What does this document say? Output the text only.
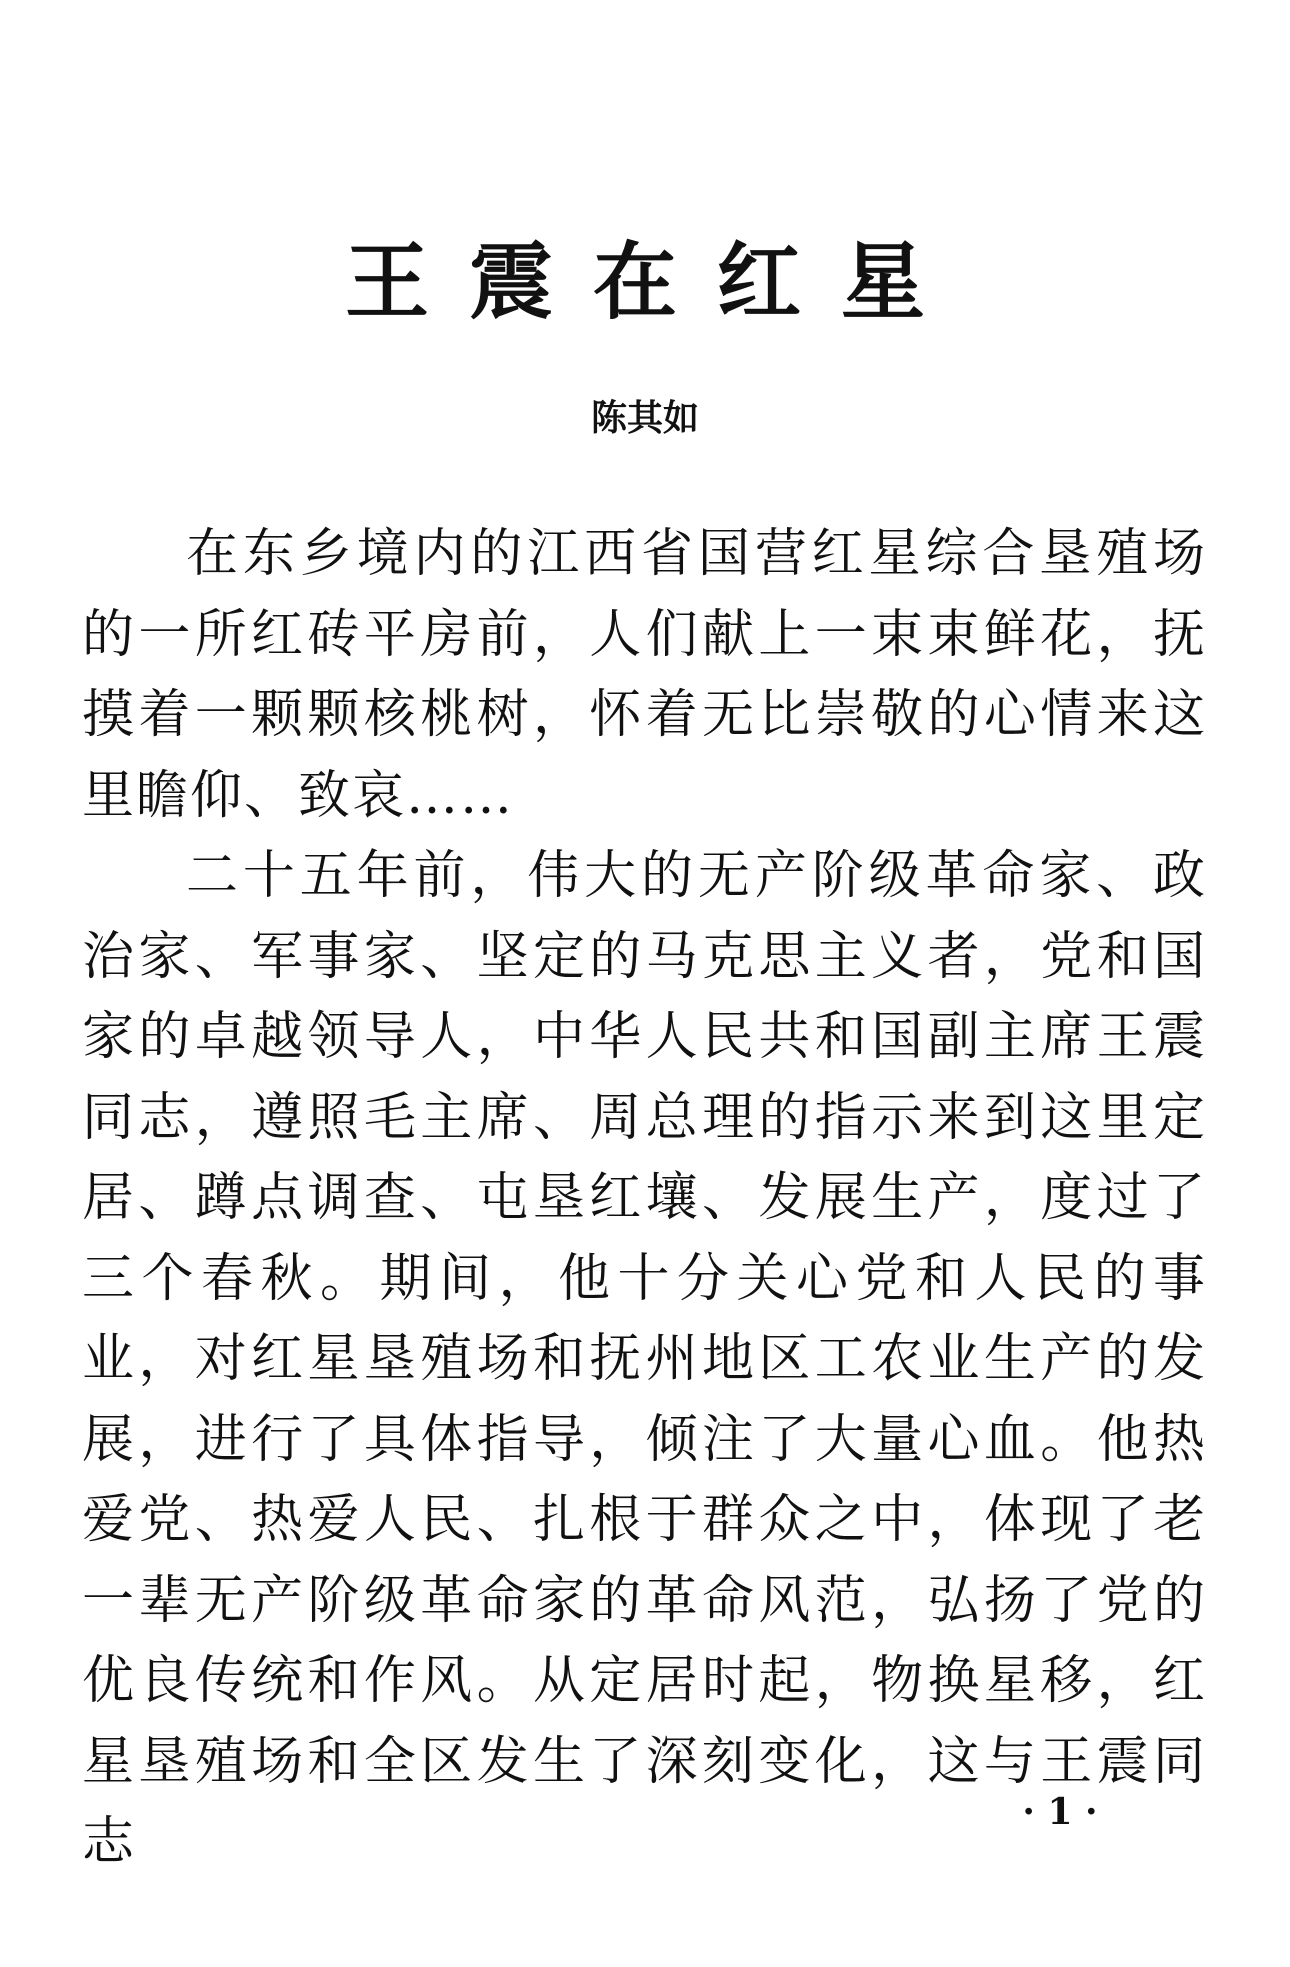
王震在红星
陈其如

在东乡境内的江西省国营红星综合垦殖场的一所红砖平房前，人们献上一束束鲜花，抚摸着一颗颗核桃树，怀着无比崇敬的心情来这里瞻仰、致哀……

二十五年前，伟大的无产阶级革命家、政治家、军事家、坚定的马克思主义者，党和国家的卓越领导人，中华人民共和国副主席王震同志，遵照毛主席、周总理的指示来到这里定居、蹲点调查、屯垦红壤、发展生产，度过了三个春秋。期间，他十分关心党和人民的事业，对红星垦殖场和抚州地区工农业生产的发展，进行了具体指导，倾注了大量心血。他热爱党、热爱人民、扎根于群众之中，体现了老一辈无产阶级革命家的革命风范，弘扬了党的优良传统和作风。从定居时起，物换星移，红星垦殖场和全区发生了深刻变化，这与王震同志	· 1 ·
